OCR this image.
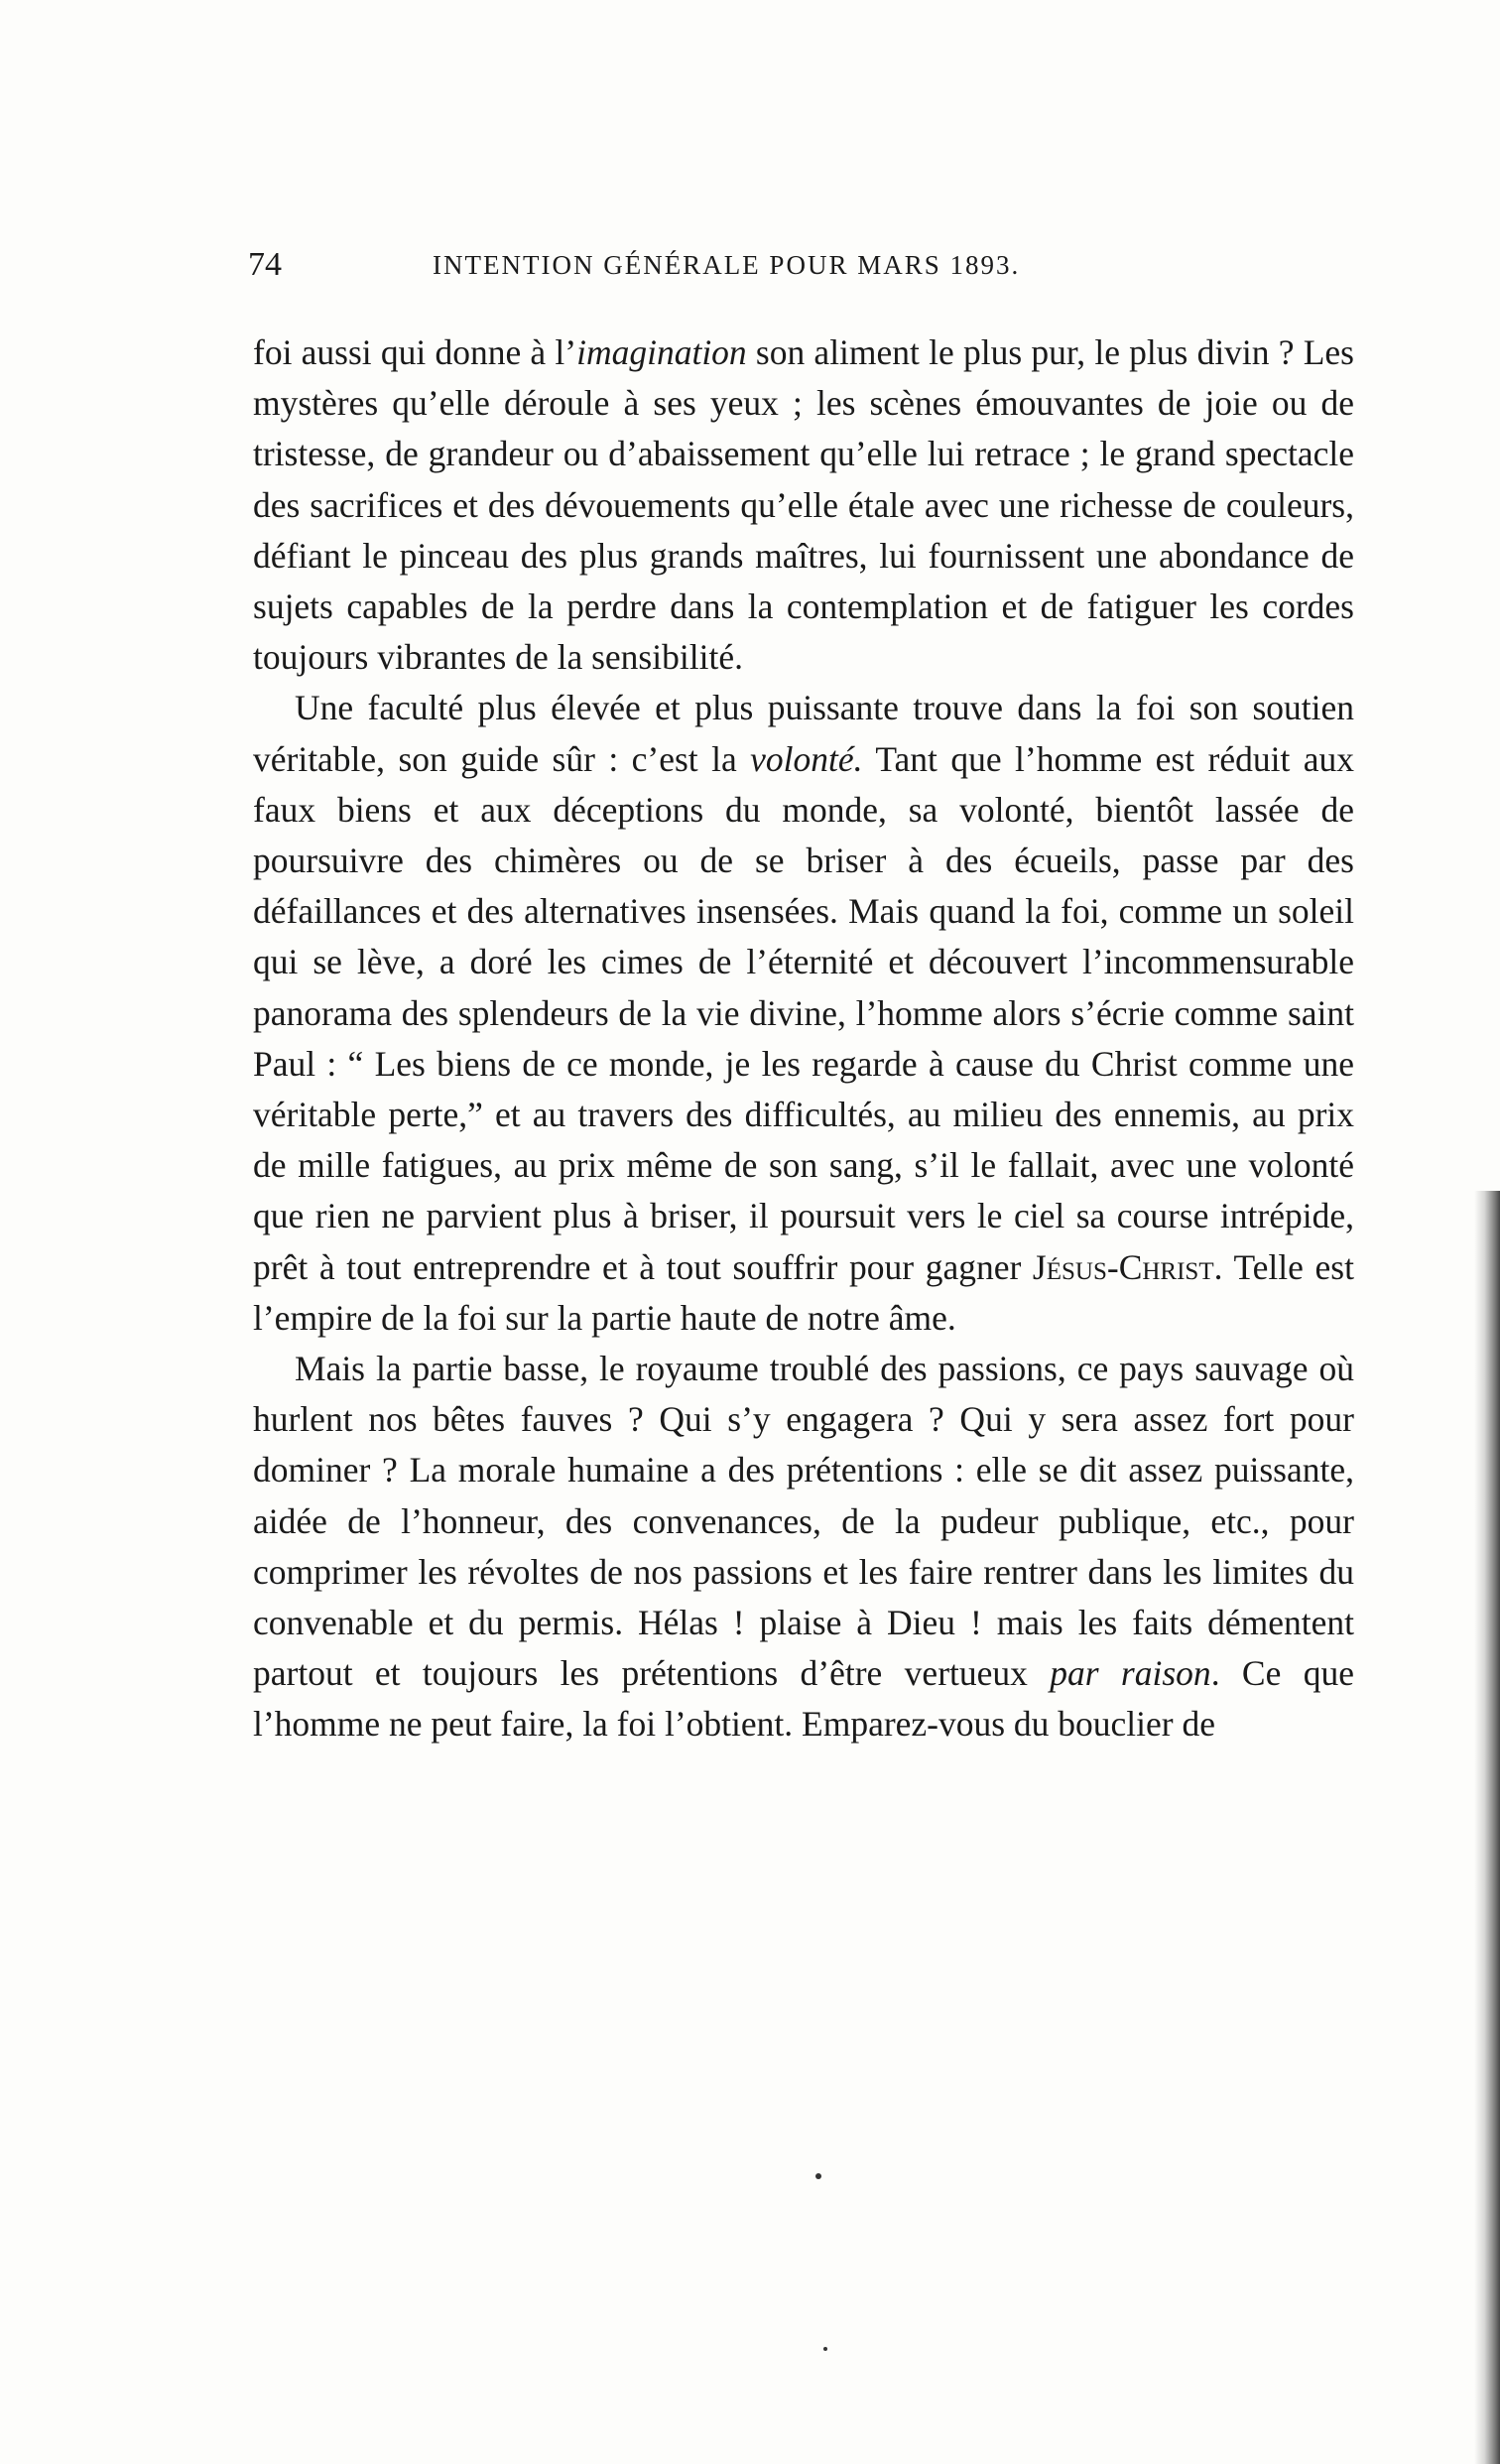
74	INTENTION GÉNÉRALE POUR MARS 1893.

foi aussi qui donne à l’imagination son aliment le plus pur, le plus divin ? Les mystères qu’elle déroule à ses yeux ; les scènes émouvantes de joie ou de tristesse, de grandeur ou d’abaissement qu’elle lui retrace ; le grand spectacle des sacrifices et des dévouements qu’elle étale avec une richesse de couleurs, défiant le pinceau des plus grands maîtres, lui fournissent une abondance de sujets capables de la perdre dans la contemplation et de fatiguer les cordes toujours vibrantes de la sensibilité.

Une faculté plus élevée et plus puissante trouve dans la foi son soutien véritable, son guide sûr : c’est la volonté. Tant que l’homme est réduit aux faux biens et aux déceptions du monde, sa volonté, bientôt lassée de poursuivre des chimères ou de se briser à des écueils, passe par des défaillances et des alternatives insensées. Mais quand la foi, comme un soleil qui se lève, a doré les cimes de l’éternité et découvert l’incommensurable panorama des splendeurs de la vie divine, l’homme alors s’écrie comme saint Paul : “ Les biens de ce monde, je les regarde à cause du Christ comme une véritable perte,” et au travers des difficultés, au milieu des ennemis, au prix de mille fatigues, au prix même de son sang, s’il le fallait, avec une volonté que rien ne parvient plus à briser, il poursuit vers le ciel sa course intrépide, prêt à tout entreprendre et à tout souffrir pour gagner Jésus-Christ. Telle est l’empire de la foi sur la partie haute de notre âme.

Mais la partie basse, le royaume troublé des passions, ce pays sauvage où hurlent nos bêtes fauves ? Qui s’y engagera ? Qui y sera assez fort pour dominer ? La morale humaine a des prétentions : elle se dit assez puissante, aidée de l’honneur, des convenances, de la pudeur publique, etc., pour comprimer les révoltes de nos passions et les faire rentrer dans les limites du convenable et du permis. Hélas ! plaise à Dieu ! mais les faits démentent partout et toujours les prétentions d’être vertueux par raison. Ce que l’homme ne peut faire, la foi l’obtient. Emparez-vous du bouclier de
